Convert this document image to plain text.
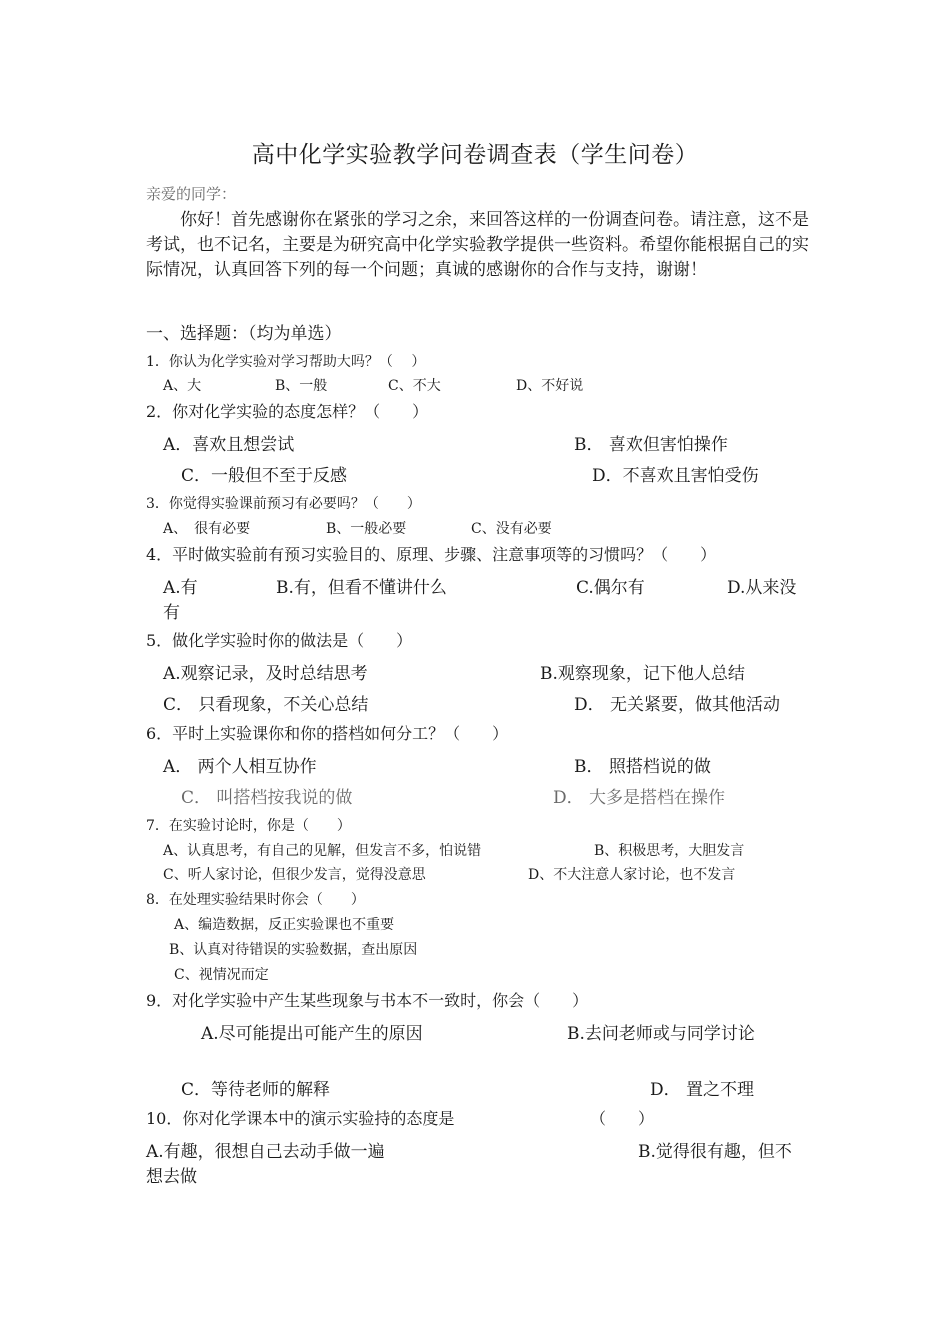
高中化学实验教学问卷调查表（学生问卷）
亲爱的同学：
你好！首先感谢你在紧张的学习之余，来回答这样的一份调查问卷。请注意，这不是考试，也不记名，主要是为研究高中化学实验教学提供一些资料。希望你能根据自己的实际情况，认真回答下列的每一个问题；真诚的感谢你的合作与支持，谢谢！
一、选择题：（均为单选）
1．你认为化学实验对学习帮助大吗？（　 ）
A、大	B、一般	C、不大	D、不好说
2．你对化学实验的态度怎样？（　　）
A．喜欢且想尝试	B． 喜欢但害怕操作
C．一般但不至于反感	D．不喜欢且害怕受伤
3．你觉得实验课前预习有必要吗？（　　）
A、　很有必要	B、一般必要	C、没有必要
4．平时做实验前有预习实验目的、原理、步骤、注意事项等的习惯吗？（　　）
A.有	B.有，但看不懂讲什么	C.偶尔有	D.从来没
有
5．做化学实验时你的做法是（　　）
A.观察记录，及时总结思考	B.观察现象，记下他人总结
C． 只看现象，不关心总结	D． 无关紧要，做其他活动
6．平时上实验课你和你的搭档如何分工？（　　）
A． 两个人相互协作	B． 照搭档说的做
C． 叫搭档按我说的做	D． 大多是搭档在操作
7．在实验讨论时，你是（　　）
A、认真思考，有自己的见解，但发言不多，怕说错	B、积极思考，大胆发言
C、听人家讨论，但很少发言，觉得没意思	D、不大注意人家讨论，也不发言
8．在处理实验结果时你会（　　）
A、编造数据，反正实验课也不重要
B、认真对待错误的实验数据，查出原因
C、视情况而定
9．对化学实验中产生某些现象与书本不一致时，你会（　　）
A.尽可能提出可能产生的原因	B.去问老师或与同学讨论
C．等待老师的解释	D． 置之不理
10．你对化学课本中的演示实验持的态度是	（　　）
A.有趣，很想自己去动手做一遍	B.觉得很有趣，但不
想去做
